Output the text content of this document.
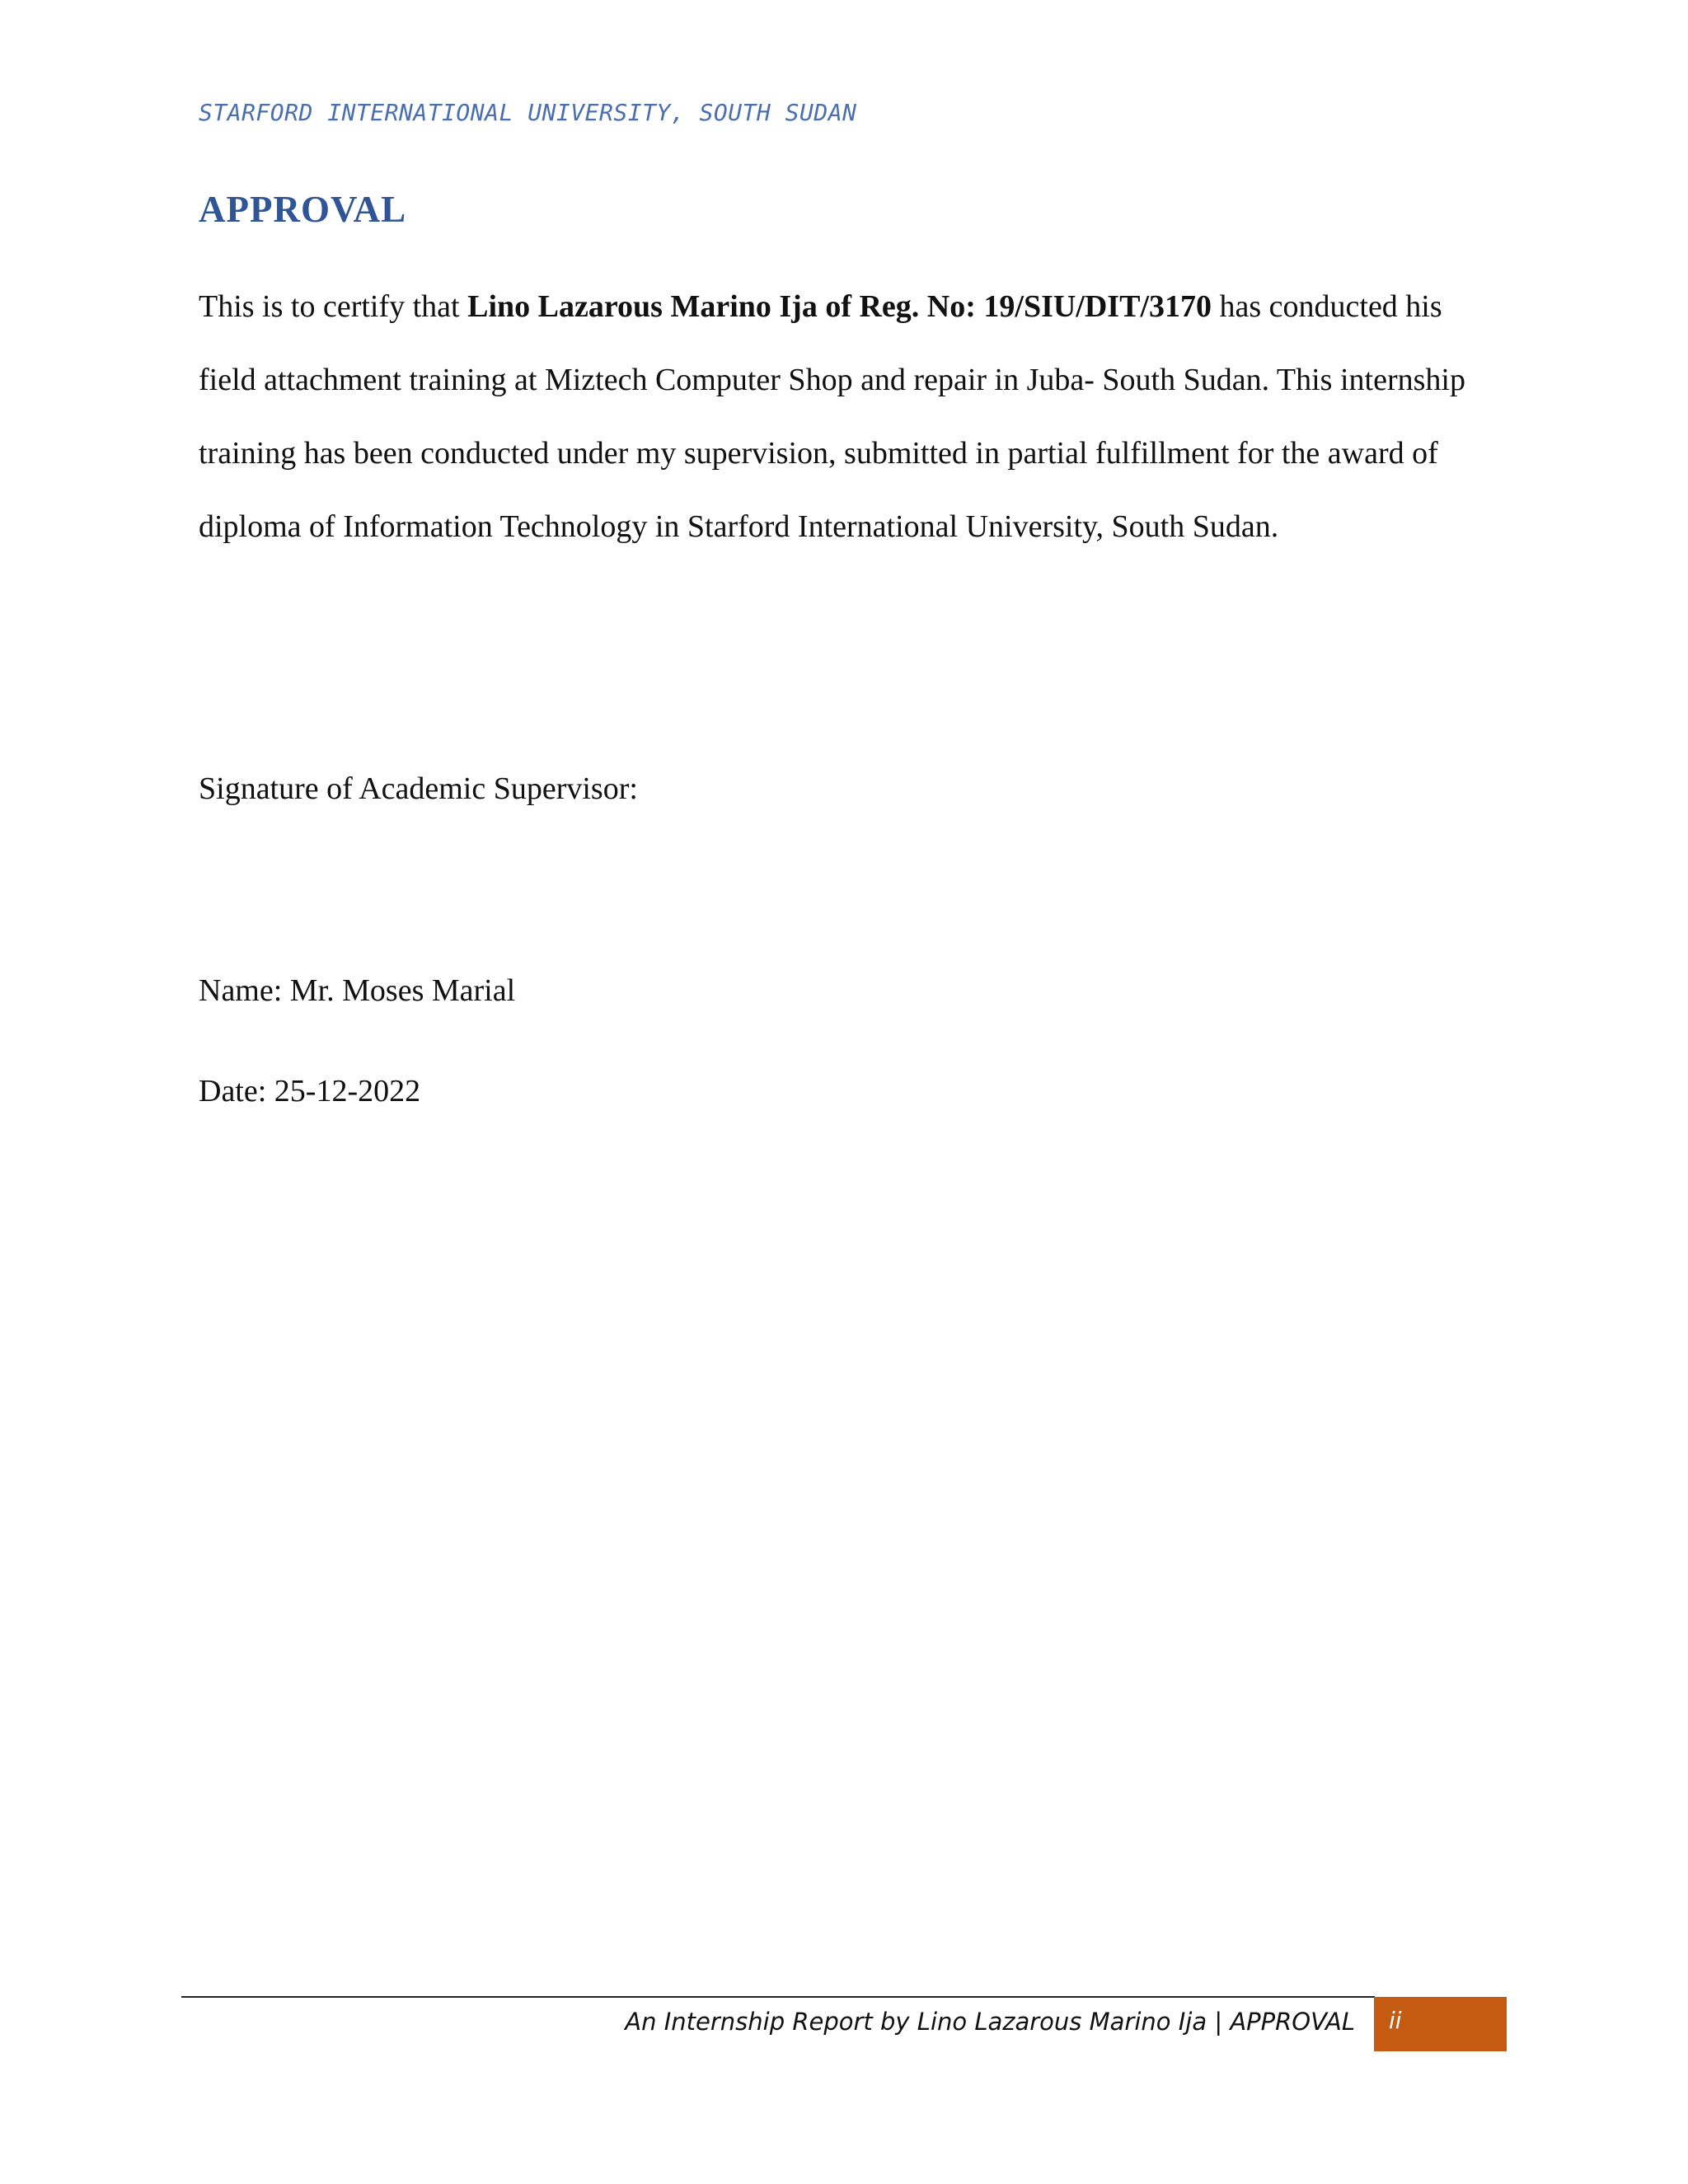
STARFORD INTERNATIONAL UNIVERSITY, SOUTH SUDAN
APPROVAL

This is to certify that Lino Lazarous Marino Ija of Reg. No: 19/SIU/DIT/3170 has conducted his field attachment training at Miztech Computer Shop and repair in Juba- South Sudan. This internship training has been conducted under my supervision, submitted in partial fulfillment for the award of diploma of Information Technology in Starford International University, South Sudan.

Signature of Academic Supervisor:
Name: Mr. Moses Marial
Date: 25-12-2022
An Internship Report by Lino Lazarous Marino Ija | APPROVAL ii
